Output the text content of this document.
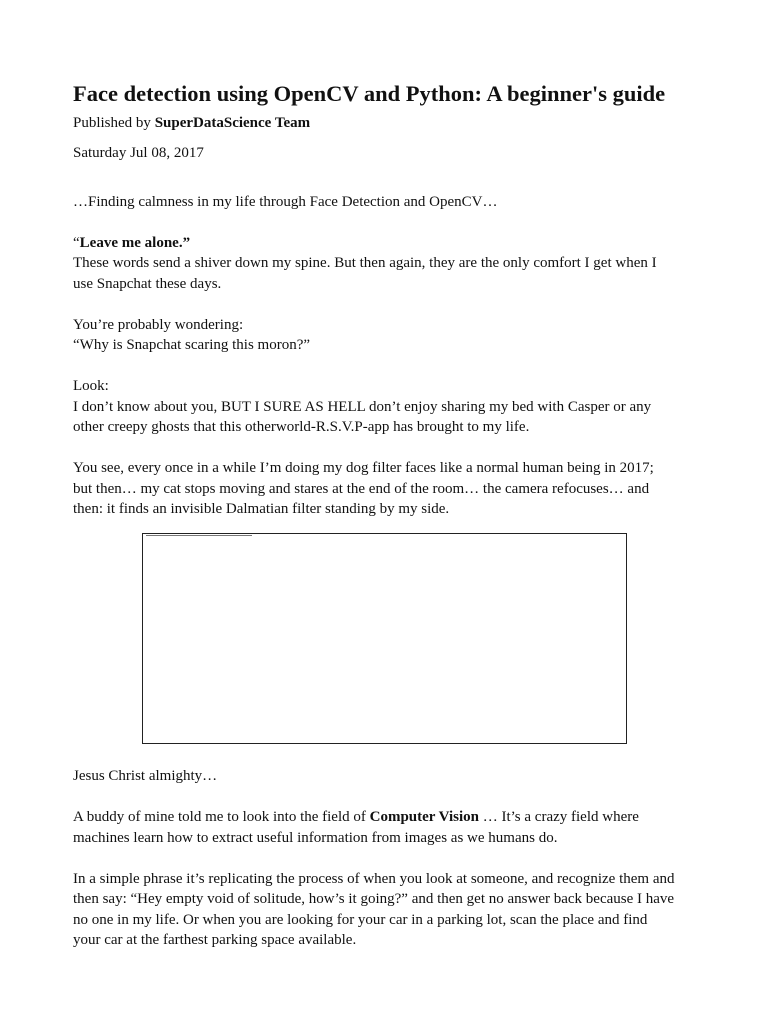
Face detection using OpenCV and Python: A beginner's guide
Published by SuperDataScience Team
Saturday Jul 08, 2017

…Finding calmness in my life through Face Detection and OpenCV…

“Leave me alone.”

These words send a shiver down my spine. But then again, they are the only comfort I get when I
use Snapchat these days.

You’re probably wondering:
“Why is Snapchat scaring this moron?”

Look:
I don’t know about you, BUT I SURE AS HELL don’t enjoy sharing my bed with Casper or any
other creepy ghosts that this otherworld-R.S.V.P-app has brought to my life.

You see, every once in a while I’m doing my dog filter faces like a normal human being in 2017;
but then… my cat stops moving and stares at the end of the room… the camera refocuses… and
then: it finds an invisible Dalmatian filter standing by my side.

Jesus Christ almighty…

A buddy of mine told me to look into the field of Computer Vision … It’s a crazy field where
machines learn how to extract useful information from images as we humans do.

In a simple phrase it’s replicating the process of when you look at someone, and recognize them and
then say: “Hey empty void of solitude, how’s it going?” and then get no answer back because I have
no one in my life. Or when you are looking for your car in a parking lot, scan the place and find
your car at the farthest parking space available.
